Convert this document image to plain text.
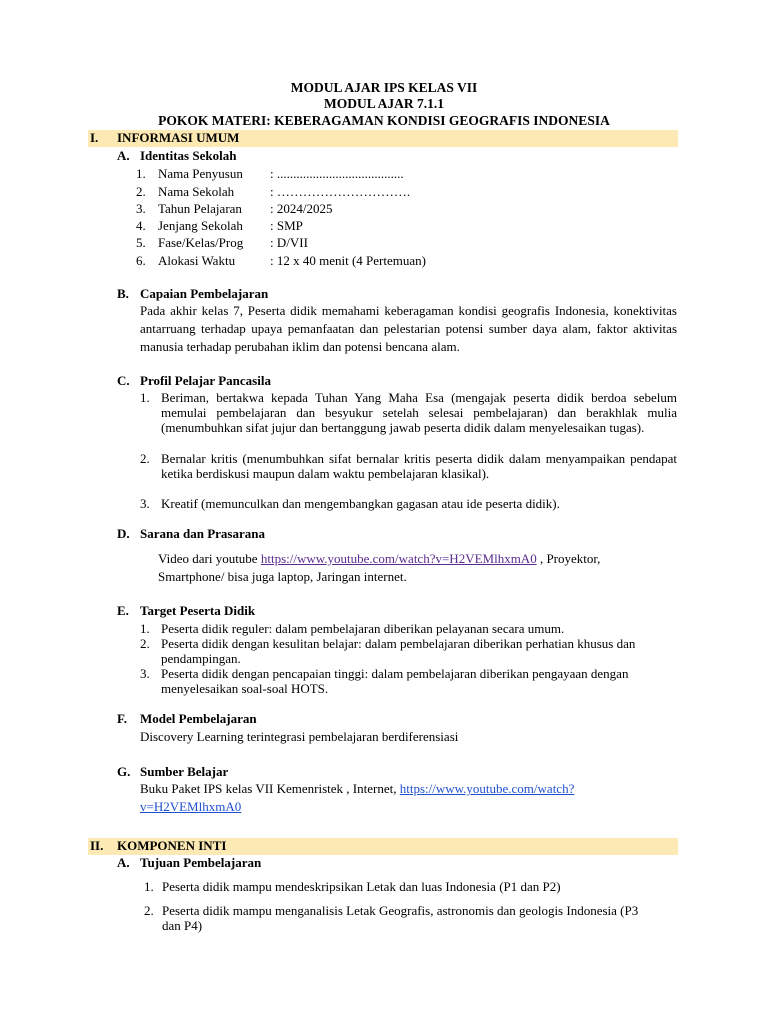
MODUL AJAR IPS KELAS VII
MODUL AJAR 7.1.1
POKOK MATERI: KEBERAGAMAN KONDISI GEOGRAFIS INDONESIA
I. INFORMASI UMUM
A. Identitas Sekolah
1. Nama Penyusun : .......................................
2. Nama Sekolah	: ………………………….
3. Tahun Pelajaran : 2024/2025
4. Jenjang Sekolah : SMP
5. Fase/Kelas/Prog : D/VII
6. Alokasi Waktu	: 12 x 40 menit (4 Pertemuan)
B. Capaian Pembelajaran
Pada akhir kelas 7, Peserta didik memahami keberagaman kondisi geografis Indonesia, konektivitas antarruang terhadap upaya pemanfaatan dan pelestarian potensi sumber daya alam, faktor aktivitas manusia terhadap perubahan iklim dan potensi bencana alam.
C. Profil Pelajar Pancasila
1. Beriman, bertakwa kepada Tuhan Yang Maha Esa (mengajak peserta didik berdoa sebelum memulai pembelajaran dan besyukur setelah selesai pembelajaran) dan berakhlak mulia (menumbuhkan sifat jujur dan bertanggung jawab peserta didik dalam menyelesaikan tugas).
2. Bernalar kritis (menumbuhkan sifat bernalar kritis peserta didik dalam menyampaikan pendapat ketika berdiskusi maupun dalam waktu pembelajaran klasikal).
3. Kreatif (memunculkan dan mengembangkan gagasan atau ide peserta didik).
D. Sarana dan Prasarana
Video dari youtube https://www.youtube.com/watch?v=H2VEMlhxmA0 , Proyektor,
Smartphone/ bisa juga laptop, Jaringan internet.
E. Target Peserta Didik
1. Peserta didik reguler: dalam pembelajaran diberikan pelayanan secara umum.
2. Peserta didik dengan kesulitan belajar: dalam pembelajaran diberikan perhatian khusus dan pendampingan.
3. Peserta didik dengan pencapaian tinggi: dalam pembelajaran diberikan pengayaan dengan menyelesaikan soal-soal HOTS.
F. Model Pembelajaran
Discovery Learning terintegrasi pembelajaran berdiferensiasi
G. Sumber Belajar
Buku Paket IPS kelas VII Kemenristek , Internet, https://www.youtube.com/watch?
v=H2VEMlhxmA0
II. KOMPONEN INTI
A. Tujuan Pembelajaran
1. Peserta didik mampu mendeskripsikan Letak dan luas Indonesia (P1 dan P2)
2. Peserta didik mampu menganalisis Letak Geografis, astronomis dan geologis Indonesia (P3 dan P4)
